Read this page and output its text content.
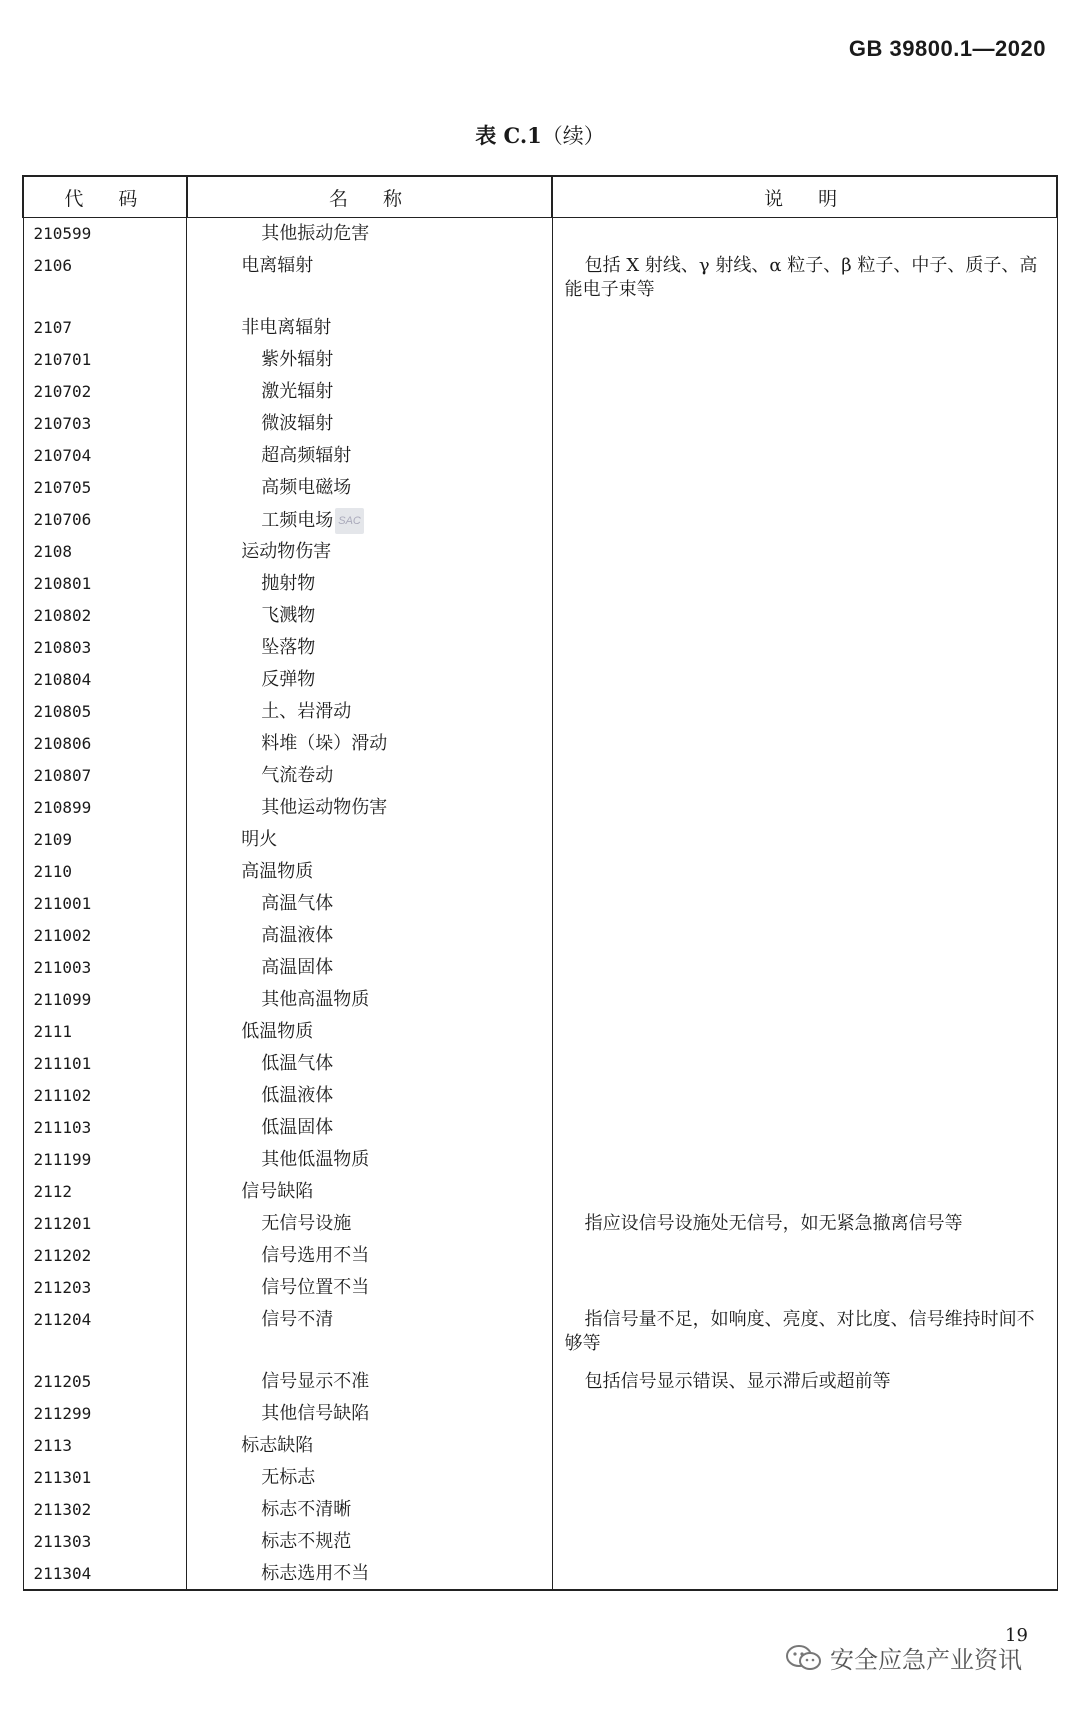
GB 39800.1—2020
表 C.1（续）
代　码	名　称	说　明
210599	其他振动危害	
2106	电离辐射	包括 X 射线、γ 射线、α 粒子、β 粒子、中子、质子、高能电子束等
2107	非电离辐射	
210701	紫外辐射	
210702	激光辐射	
210703	微波辐射	
210704	超高频辐射	
210705	高频电磁场	
210706	工频电场 SAC	
2108	运动物伤害	
210801	抛射物	
210802	飞溅物	
210803	坠落物	
210804	反弹物	
210805	土、岩滑动	
210806	料堆（垛）滑动	
210807	气流卷动	
210899	其他运动物伤害	
2109	明火	
2110	高温物质	
211001	高温气体	
211002	高温液体	
211003	高温固体	
211099	其他高温物质	
2111	低温物质	
211101	低温气体	
211102	低温液体	
211103	低温固体	
211199	其他低温物质	
2112	信号缺陷	
211201	无信号设施	指应设信号设施处无信号，如无紧急撤离信号等
211202	信号选用不当	
211203	信号位置不当	
211204	信号不清	指信号量不足，如响度、亮度、对比度、信号维持时间不够等
211205	信号显示不准	包括信号显示错误、显示滞后或超前等
211299	其他信号缺陷	
2113	标志缺陷	
211301	无标志	
211302	标志不清晰	
211303	标志不规范	
211304	标志选用不当	
19
安全应急产业资讯
